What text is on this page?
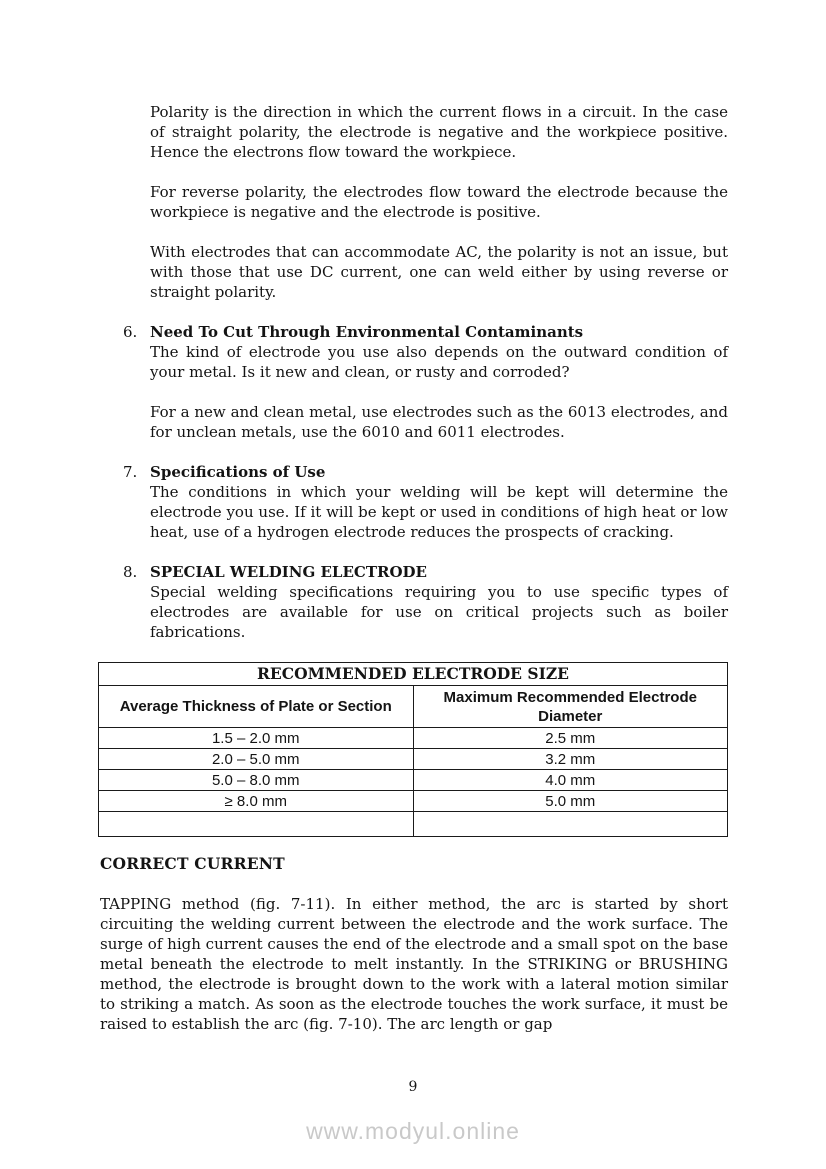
Polarity is the direction in which the current flows in a circuit. In the case of straight polarity, the electrode is negative and the workpiece positive. Hence the electrons flow toward the workpiece.

For reverse polarity, the electrodes flow toward the electrode because the workpiece is negative and the electrode is positive.

With electrodes that can accommodate AC, the polarity is not an issue, but with those that use DC current, one can weld either by using reverse or straight polarity.

6. Need To Cut Through Environmental Contaminants

The kind of electrode you use also depends on the outward condition of your metal. Is it new and clean, or rusty and corroded?

For a new and clean metal, use electrodes such as the 6013 electrodes, and for unclean metals, use the 6010 and 6011 electrodes.

7. Specifications of Use

The conditions in which your welding will be kept will determine the electrode you use. If it will be kept or used in conditions of high heat or low heat, use of a hydrogen electrode reduces the prospects of cracking.

8. SPECIAL WELDING ELECTRODE

Special welding specifications requiring you to use specific types of electrodes are available for use on critical projects such as boiler fabrications.

RECOMMENDED ELECTRODE SIZE	
Average Thickness of Plate or Section	Maximum Recommended Electrode Diameter
1.5 – 2.0 mm	2.5 mm
2.0 – 5.0 mm	3.2 mm
5.0 – 8.0 mm	4.0 mm
≥ 8.0 mm	5.0 mm

CORRECT CURRENT

TAPPING method (fig. 7-11). In either method, the arc is started by short circuiting the welding current between the electrode and the work surface. The surge of high current causes the end of the electrode and a small spot on the base metal beneath the electrode to melt instantly. In the STRIKING or BRUSHING method, the electrode is brought down to the work with a lateral motion similar to striking a match. As soon as the electrode touches the work surface, it must be raised to establish the arc (fig. 7-10). The arc length or gap

9
www.modyul.online
